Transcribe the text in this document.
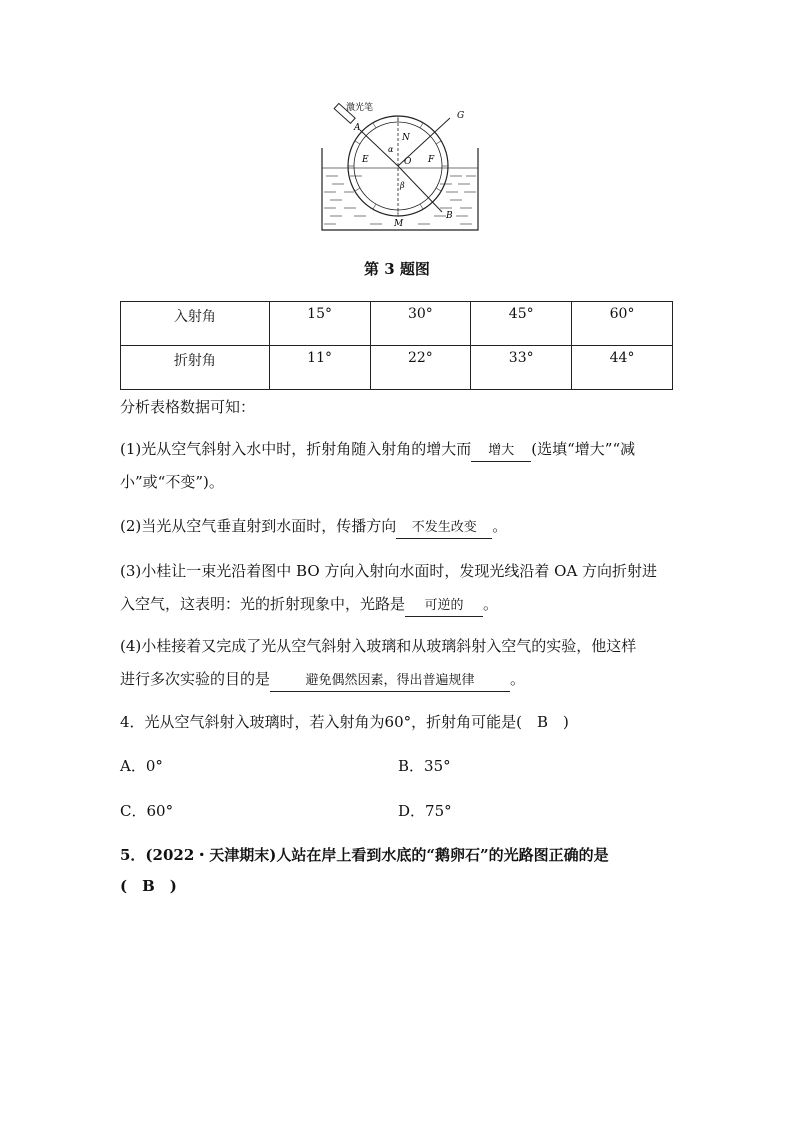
激光笔
A
G
N
E	O F
α
β
B
M
第 3 题图
入射角	15°	30°	45°	60°
折射角	11°	22°	33°	44°
分析表格数据可知：
(1)光从空气斜射入水中时，折射角随入射角的增大而 增大 (选填“增大”“减
小”或“不变”)。
(2)当光从空气垂直射到水面时，传播方向 不发生改变 。
(3)小桂让一束光沿着图中 BO 方向入射向水面时，发现光线沿着 OA 方向折射进
入空气，这表明：光的折射现象中，光路是 可逆的 。
(4)小桂接着又完成了光从空气斜射入玻璃和从玻璃斜射入空气的实验，他这样
进行多次实验的目的是	避免偶然因素，得出普遍规律 。
4．光从空气斜射入玻璃时，若入射角为60°，折射角可能是(　B　)
A．0°	B．35°
C．60°	D．75°
5．(2022・天津期末)人站在岸上看到水底的“鹅卵石”的光路图正确的是
(　B　)
